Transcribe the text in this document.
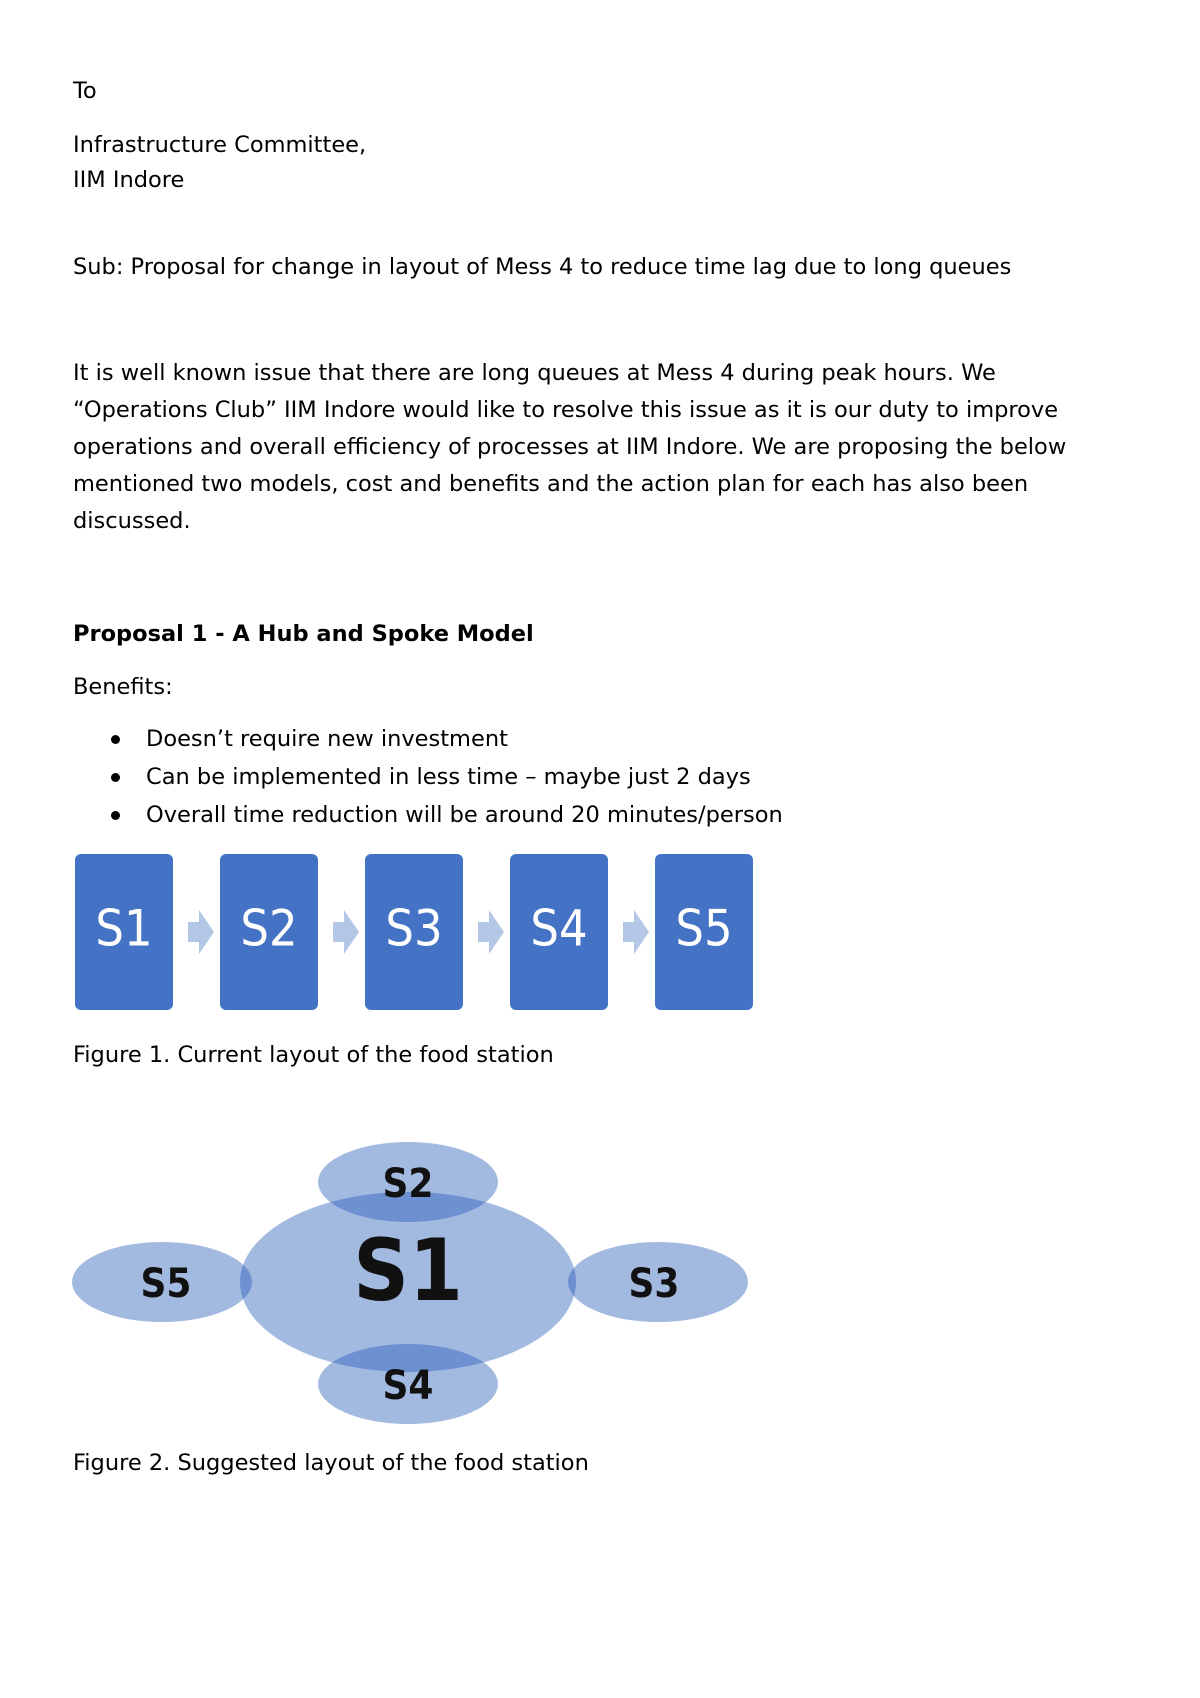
To

Infrastructure Committee,

IIM Indore

Sub: Proposal for change in layout of Mess 4 to reduce time lag due to long queues

It is well known issue that there are long queues at Mess 4 during peak hours. We
“Operations Club” IIM Indore would like to resolve this issue as it is our duty to improve
operations and overall efficiency of processes at IIM Indore. We are proposing the below
mentioned two models, cost and benefits and the action plan for each has also been
discussed.

Proposal 1 - A Hub and Spoke Model

Benefits:

Doesn’t require new investment
Can be implemented in less time – maybe just 2 days
Overall time reduction will be around 20 minutes/person
S1 S2 S3 S4 S5

Figure 1. Current layout of the food station

S1
S2
S3
S4
S5

Figure 2. Suggested layout of the food station
